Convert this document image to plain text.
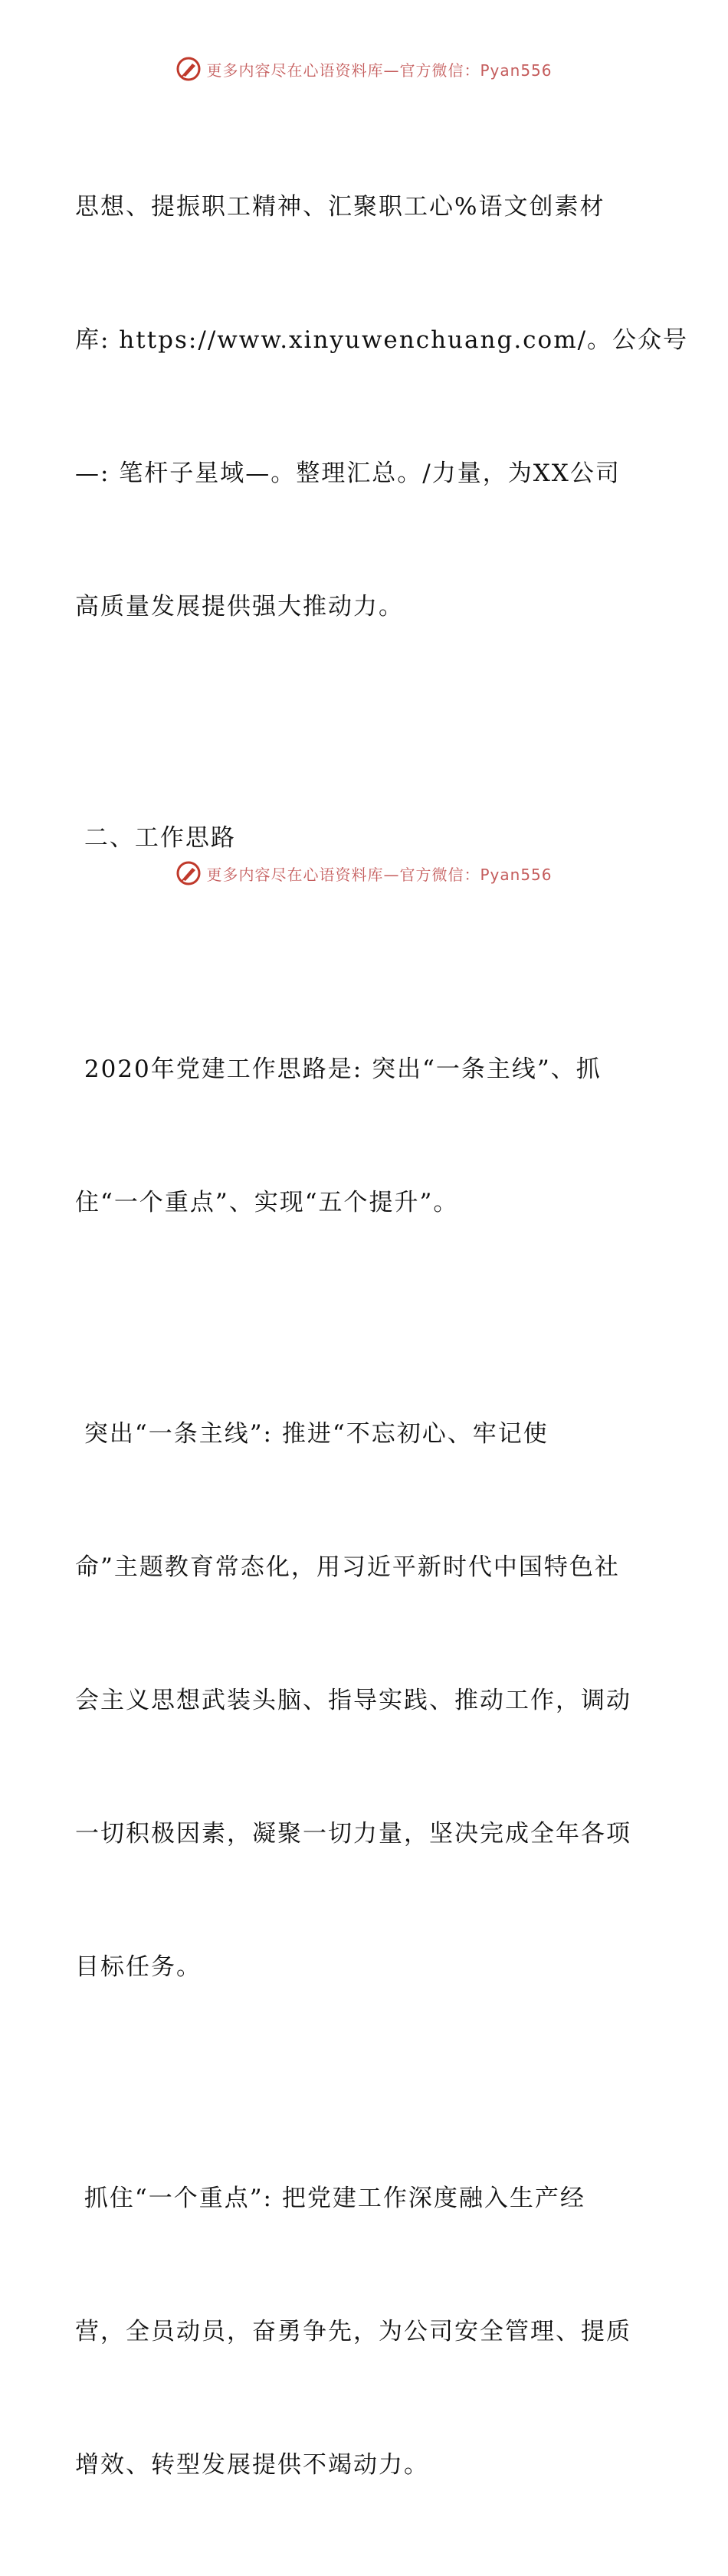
更多内容尽在心语资料库—官方微信：Pyan556

思想、提振职工精神、汇聚职工心%语文创素材

库: https://www.xinyuwenchuang.com/。公众号

—: 笔杆子星域—。整理汇总。/力量，为XX公司

高质量发展提供强大推动力。

二、工作思路

2020年党建工作思路是: 突出“一条主线”、抓

住“一个重点”、实现“五个提升”。

突出“一条主线”: 推进“不忘初心、牢记使

命”主题教育常态化，用习近平新时代中国特色社

会主义思想武装头脑、指导实践、推动工作，调动

一切积极因素，凝聚一切力量，坚决完成全年各项

目标任务。

抓住“一个重点”: 把党建工作深度融入生产经

营，全员动员，奋勇争先，为公司安全管理、提质

增效、转型发展提供不竭动力。

更多内容尽在心语资料库—官方微信：Pyan556
